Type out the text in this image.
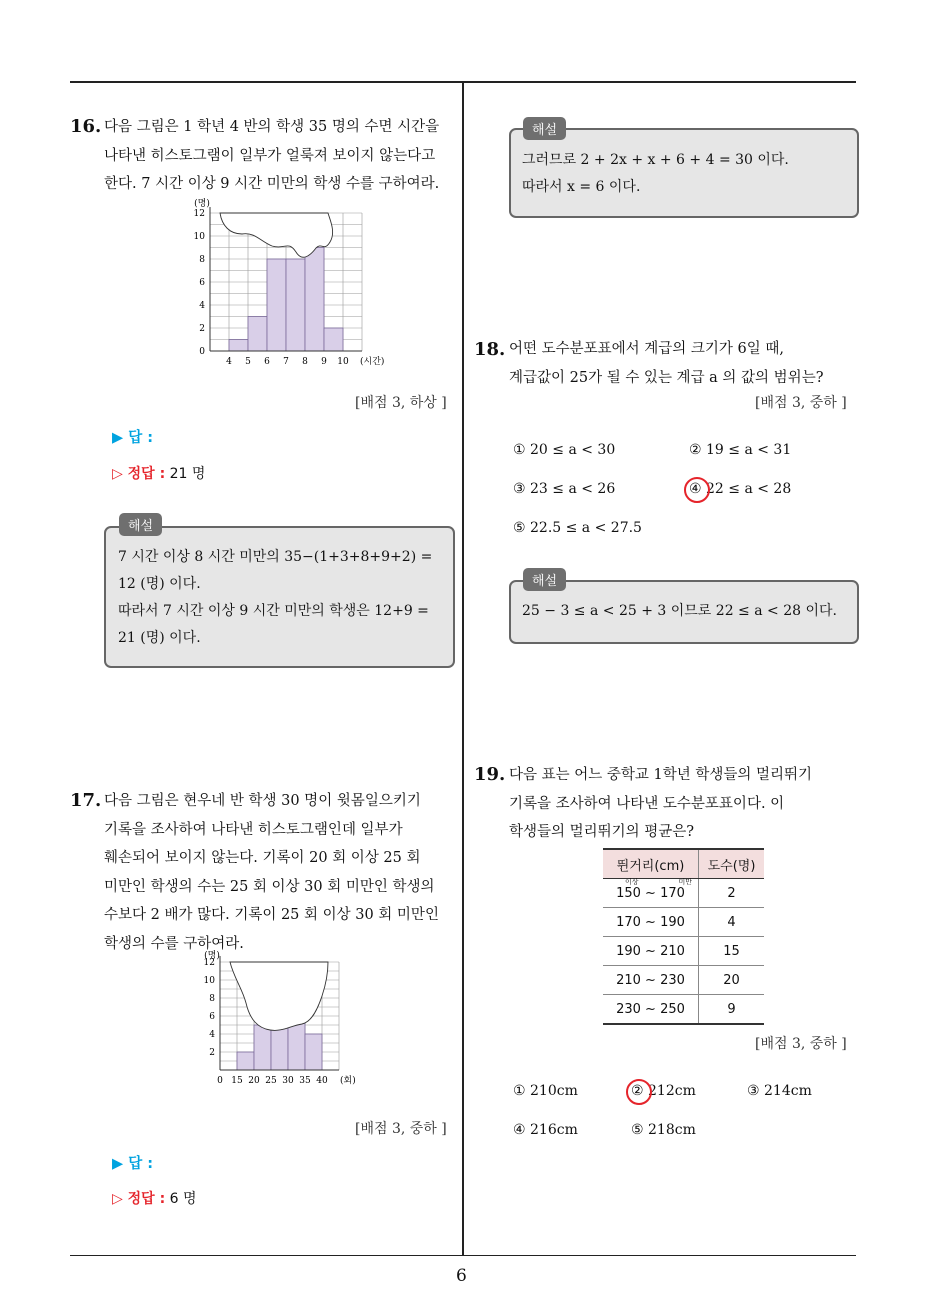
6
16. 다음 그림은 1 학년 4 반의 학생 35 명의 수면 시간을
나타낸 히스토그램이 일부가 얼룩져 보이지 않는다고
한다. 7 시간 이상 9 시간 미만의 학생 수를 구하여라.
0
2
4
6
8
10
12
4 5 6 7 8 9 10
(명)
(시간)
[배점 3, 하상 ]
▶ 답 :
▷ 정답 : 21 명
해설
7 시간 이상 8 시간 미만의 35−(1+3+8+9+2) =
12 (명) 이다.
따라서 7 시간 이상 9 시간 미만의 학생은 12+9 =
21 (명) 이다.
17. 다음 그림은 현우네 반 학생 30 명이 윗몸일으키기
기록을 조사하여 나타낸 히스토그램인데 일부가
훼손되어 보이지 않는다. 기록이 20 회 이상 25 회
미만인 학생의 수는 25 회 이상 30 회 미만인 학생의
수보다 2 배가 많다. 기록이 25 회 이상 30 회 미만인
학생의 수를 구하여라.
2
4
6
8
10
12
0 15 20 25 30 35 40
(명)
(회)
[배점 3, 중하 ]
▶ 답 :
▷ 정답 : 6 명
해설
그러므로 2 + 2x + x + 6 + 4 = 30 이다.
따라서 x = 6 이다.
18. 어떤 도수분포표에서 계급의 크기가 6일 때,
계급값이 25가 될 수 있는 계급 a 의 값의 범위는?
[배점 3, 중하 ]
① 20 ≤ a < 30	② 19 ≤ a < 31
③ 23 ≤ a < 26	④ 22 ≤ a < 28
⑤ 22.5 ≤ a < 27.5
해설
25 − 3 ≤ a < 25 + 3 이므로 22 ≤ a < 28 이다.
19. 다음 표는 어느 중학교 1학년 학생들의 멀리뛰기
기록을 조사하여 나타낸 도수분포표이다. 이
학생들의 멀리뛰기의 평균은?
뛴거리(cm)	도수(명)

이상 미만
150 ~ 170	2
170 ~ 190	4
190 ~ 210	15
210 ~ 230	20
230 ~ 250	9
[배점 3, 중하 ]
① 210cm	② 212cm	③ 214cm
④ 216cm	⑤ 218cm
